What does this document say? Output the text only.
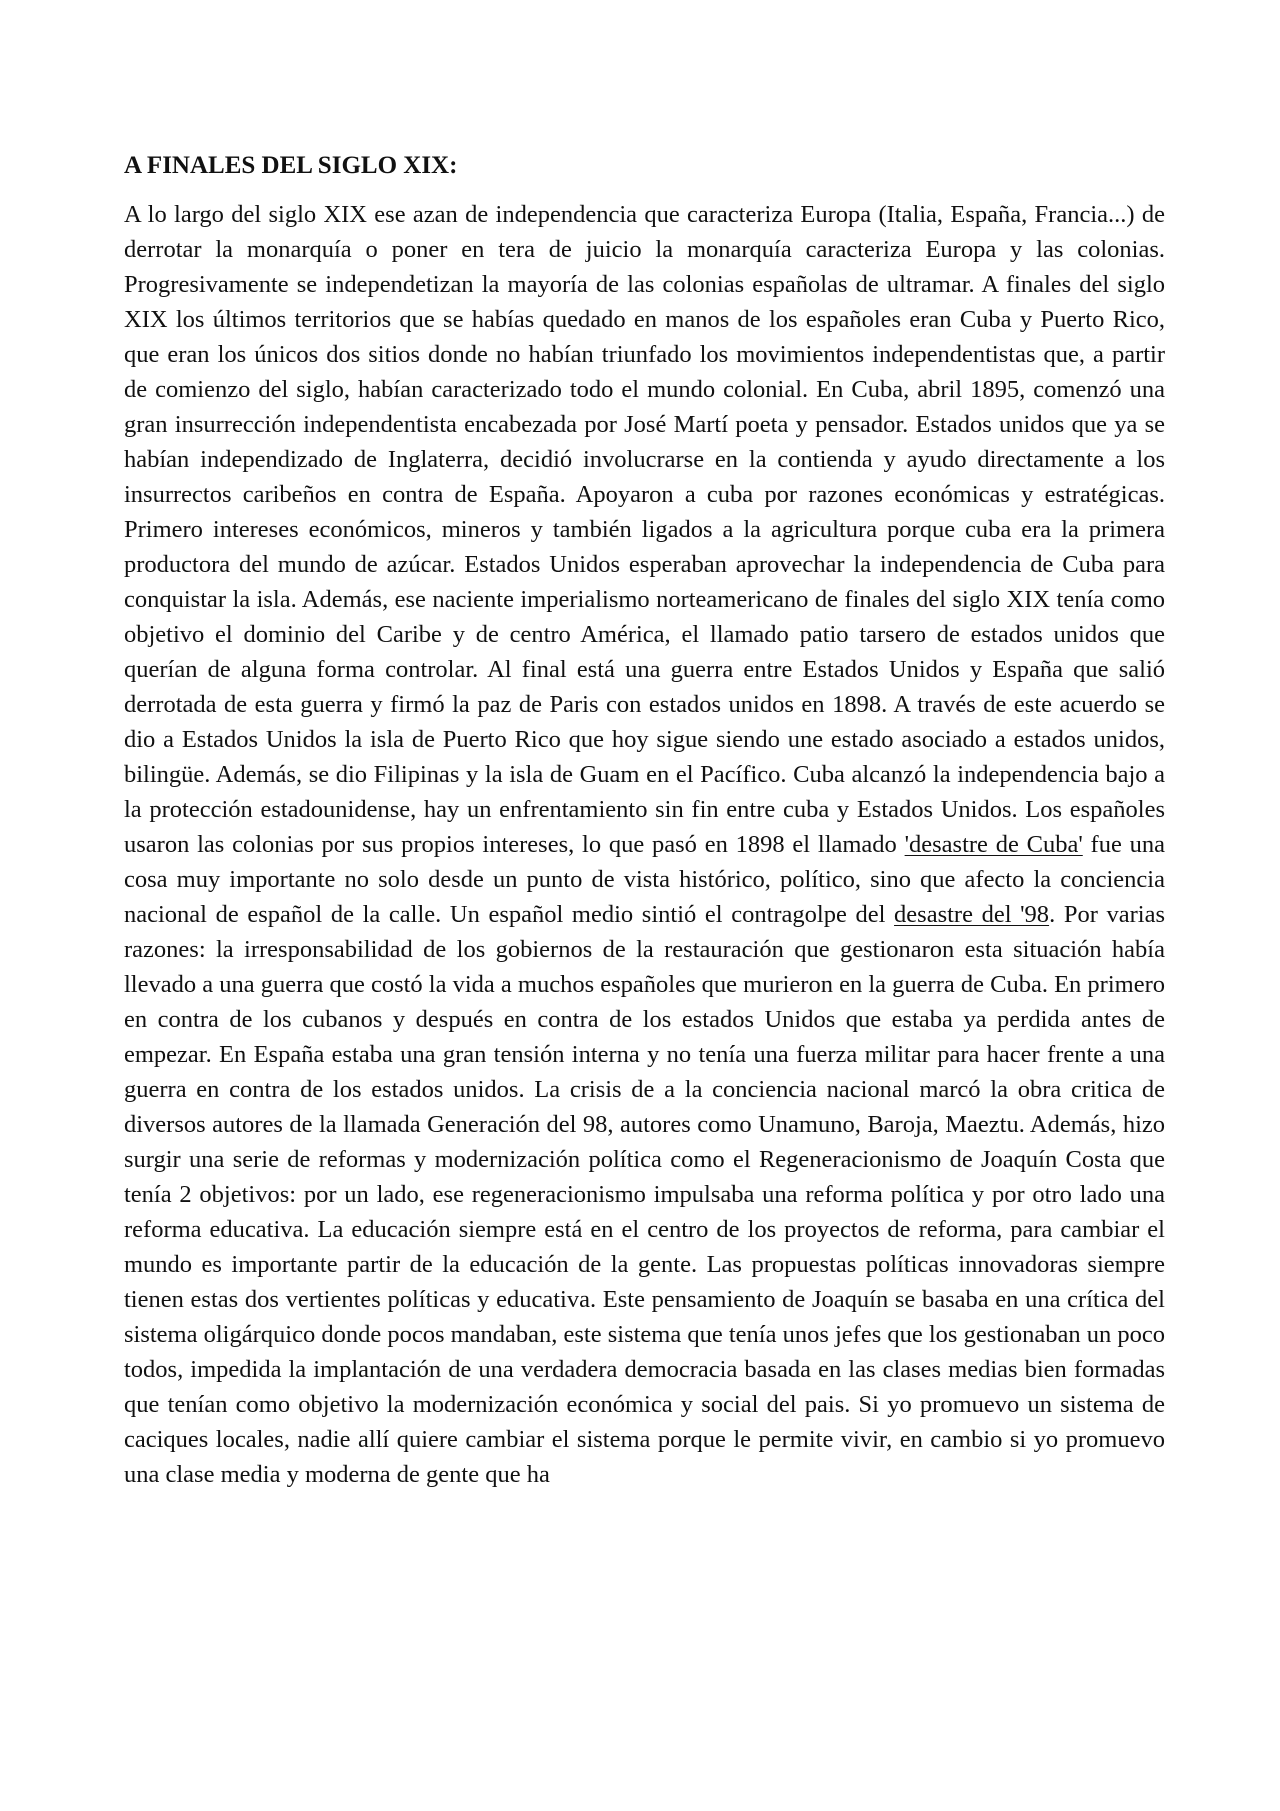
A FINALES DEL SIGLO XIX:

A lo largo del siglo XIX ese azan de independencia que caracteriza Europa (Italia, España, Francia...) de derrotar la monarquía o poner en tera de juicio la monarquía caracteriza Europa y las colonias. Progresivamente se independetizan la mayoría de las colonias españolas de ultramar. A finales del siglo XIX los últimos territorios que se habías quedado en manos de los españoles eran Cuba y Puerto Rico, que eran los únicos dos sitios donde no habían triunfado los movimientos independentistas que, a partir de comienzo del siglo, habían caracterizado todo el mundo colonial. En Cuba, abril 1895, comenzó una gran insurrección independentista encabezada por José Martí poeta y pensador. Estados unidos que ya se habían independizado de Inglaterra, decidió involucrarse en la contienda y ayudo directamente a los insurrectos caribeños en contra de España. Apoyaron a cuba por razones económicas y estratégicas. Primero intereses económicos, mineros y también ligados a la agricultura porque cuba era la primera productora del mundo de azúcar. Estados Unidos esperaban aprovechar la independencia de Cuba para conquistar la isla. Además, ese naciente imperialismo norteamericano de finales del siglo XIX tenía como objetivo el dominio del Caribe y de centro América, el llamado patio tarsero de estados unidos que querían de alguna forma controlar. Al final está una guerra entre Estados Unidos y España que salió derrotada de esta guerra y firmó la paz de Paris con estados unidos en 1898. A través de este acuerdo se dio a Estados Unidos la isla de Puerto Rico que hoy sigue siendo une estado asociado a estados unidos, bilingüe. Además, se dio Filipinas y la isla de Guam en el Pacífico. Cuba alcanzó la independencia bajo a la protección estadounidense, hay un enfrentamiento sin fin entre cuba y Estados Unidos. Los españoles usaron las colonias por sus propios intereses, lo que pasó en 1898 el llamado 'desastre de Cuba' fue una cosa muy importante no solo desde un punto de vista histórico, político, sino que afecto la conciencia nacional de español de la calle. Un español medio sintió el contragolpe del desastre del '98. Por varias razones: la irresponsabilidad de los gobiernos de la restauración que gestionaron esta situación había llevado a una guerra que costó la vida a muchos españoles que murieron en la guerra de Cuba. En primero en contra de los cubanos y después en contra de los estados Unidos que estaba ya perdida antes de empezar. En España estaba una gran tensión interna y no tenía una fuerza militar para hacer frente a una guerra en contra de los estados unidos. La crisis de a la conciencia nacional marcó la obra critica de diversos autores de la llamada Generación del 98, autores como Unamuno, Baroja, Maeztu. Además, hizo surgir una serie de reformas y modernización política como el Regeneracionismo de Joaquín Costa que tenía 2 objetivos: por un lado, ese regeneracionismo impulsaba una reforma política y por otro lado una reforma educativa. La educación siempre está en el centro de los proyectos de reforma, para cambiar el mundo es importante partir de la educación de la gente. Las propuestas políticas innovadoras siempre tienen estas dos vertientes políticas y educativa. Este pensamiento de Joaquín se basaba en una crítica del sistema oligárquico donde pocos mandaban, este sistema que tenía unos jefes que los gestionaban un poco todos, impedida la implantación de una verdadera democracia basada en las clases medias bien formadas que tenían como objetivo la modernización económica y social del pais. Si yo promuevo un sistema de caciques locales, nadie allí quiere cambiar el sistema porque le permite vivir, en cambio si yo promuevo una clase media y moderna de gente que ha
